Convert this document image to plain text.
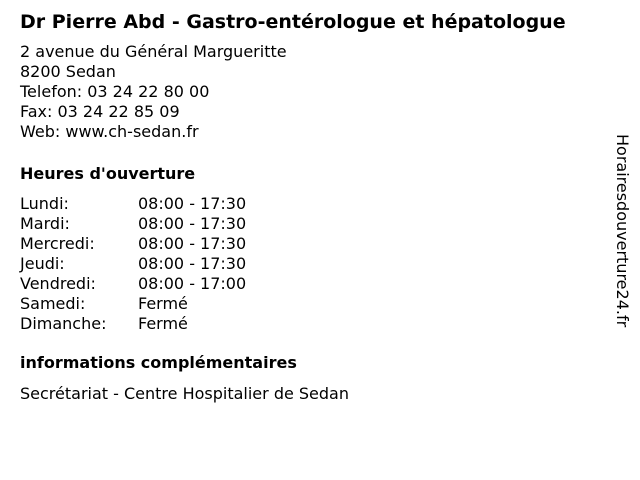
Dr Pierre Abd - Gastro-entérologue et hépatologue
2 avenue du Général Margueritte
8200 Sedan
Telefon: 03 24 22 80 00
Fax: 03 24 22 85 09
Web: www.ch-sedan.fr
Heures d'ouverture
Lundi:	08:00 - 17:30
Mardi:	08:00 - 17:30
Mercredi:	08:00 - 17:30
Jeudi:	08:00 - 17:30
Vendredi:	08:00 - 17:00
Samedi:	Fermé
Dimanche:	Fermé
informations complémentaires
Secrétariat - Centre Hospitalier de Sedan
Horairesdouverture24.fr
